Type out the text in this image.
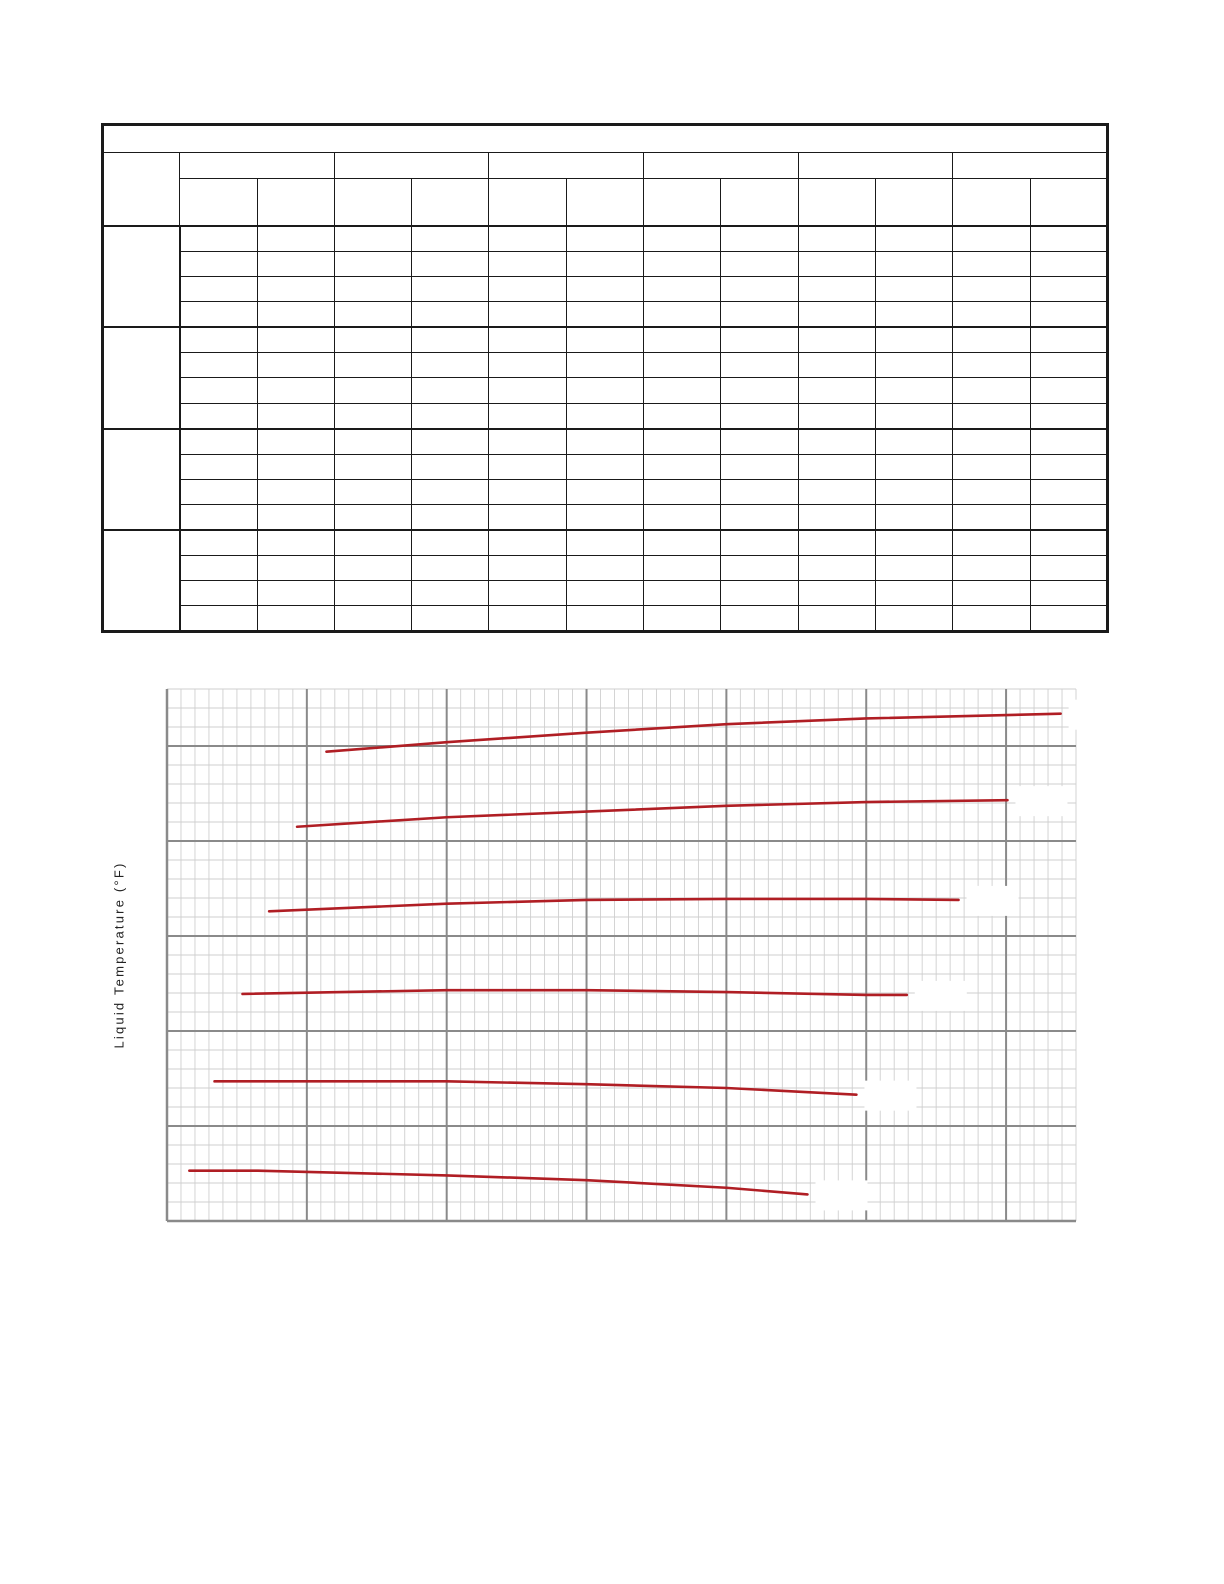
Liquid Temperature (°F)
